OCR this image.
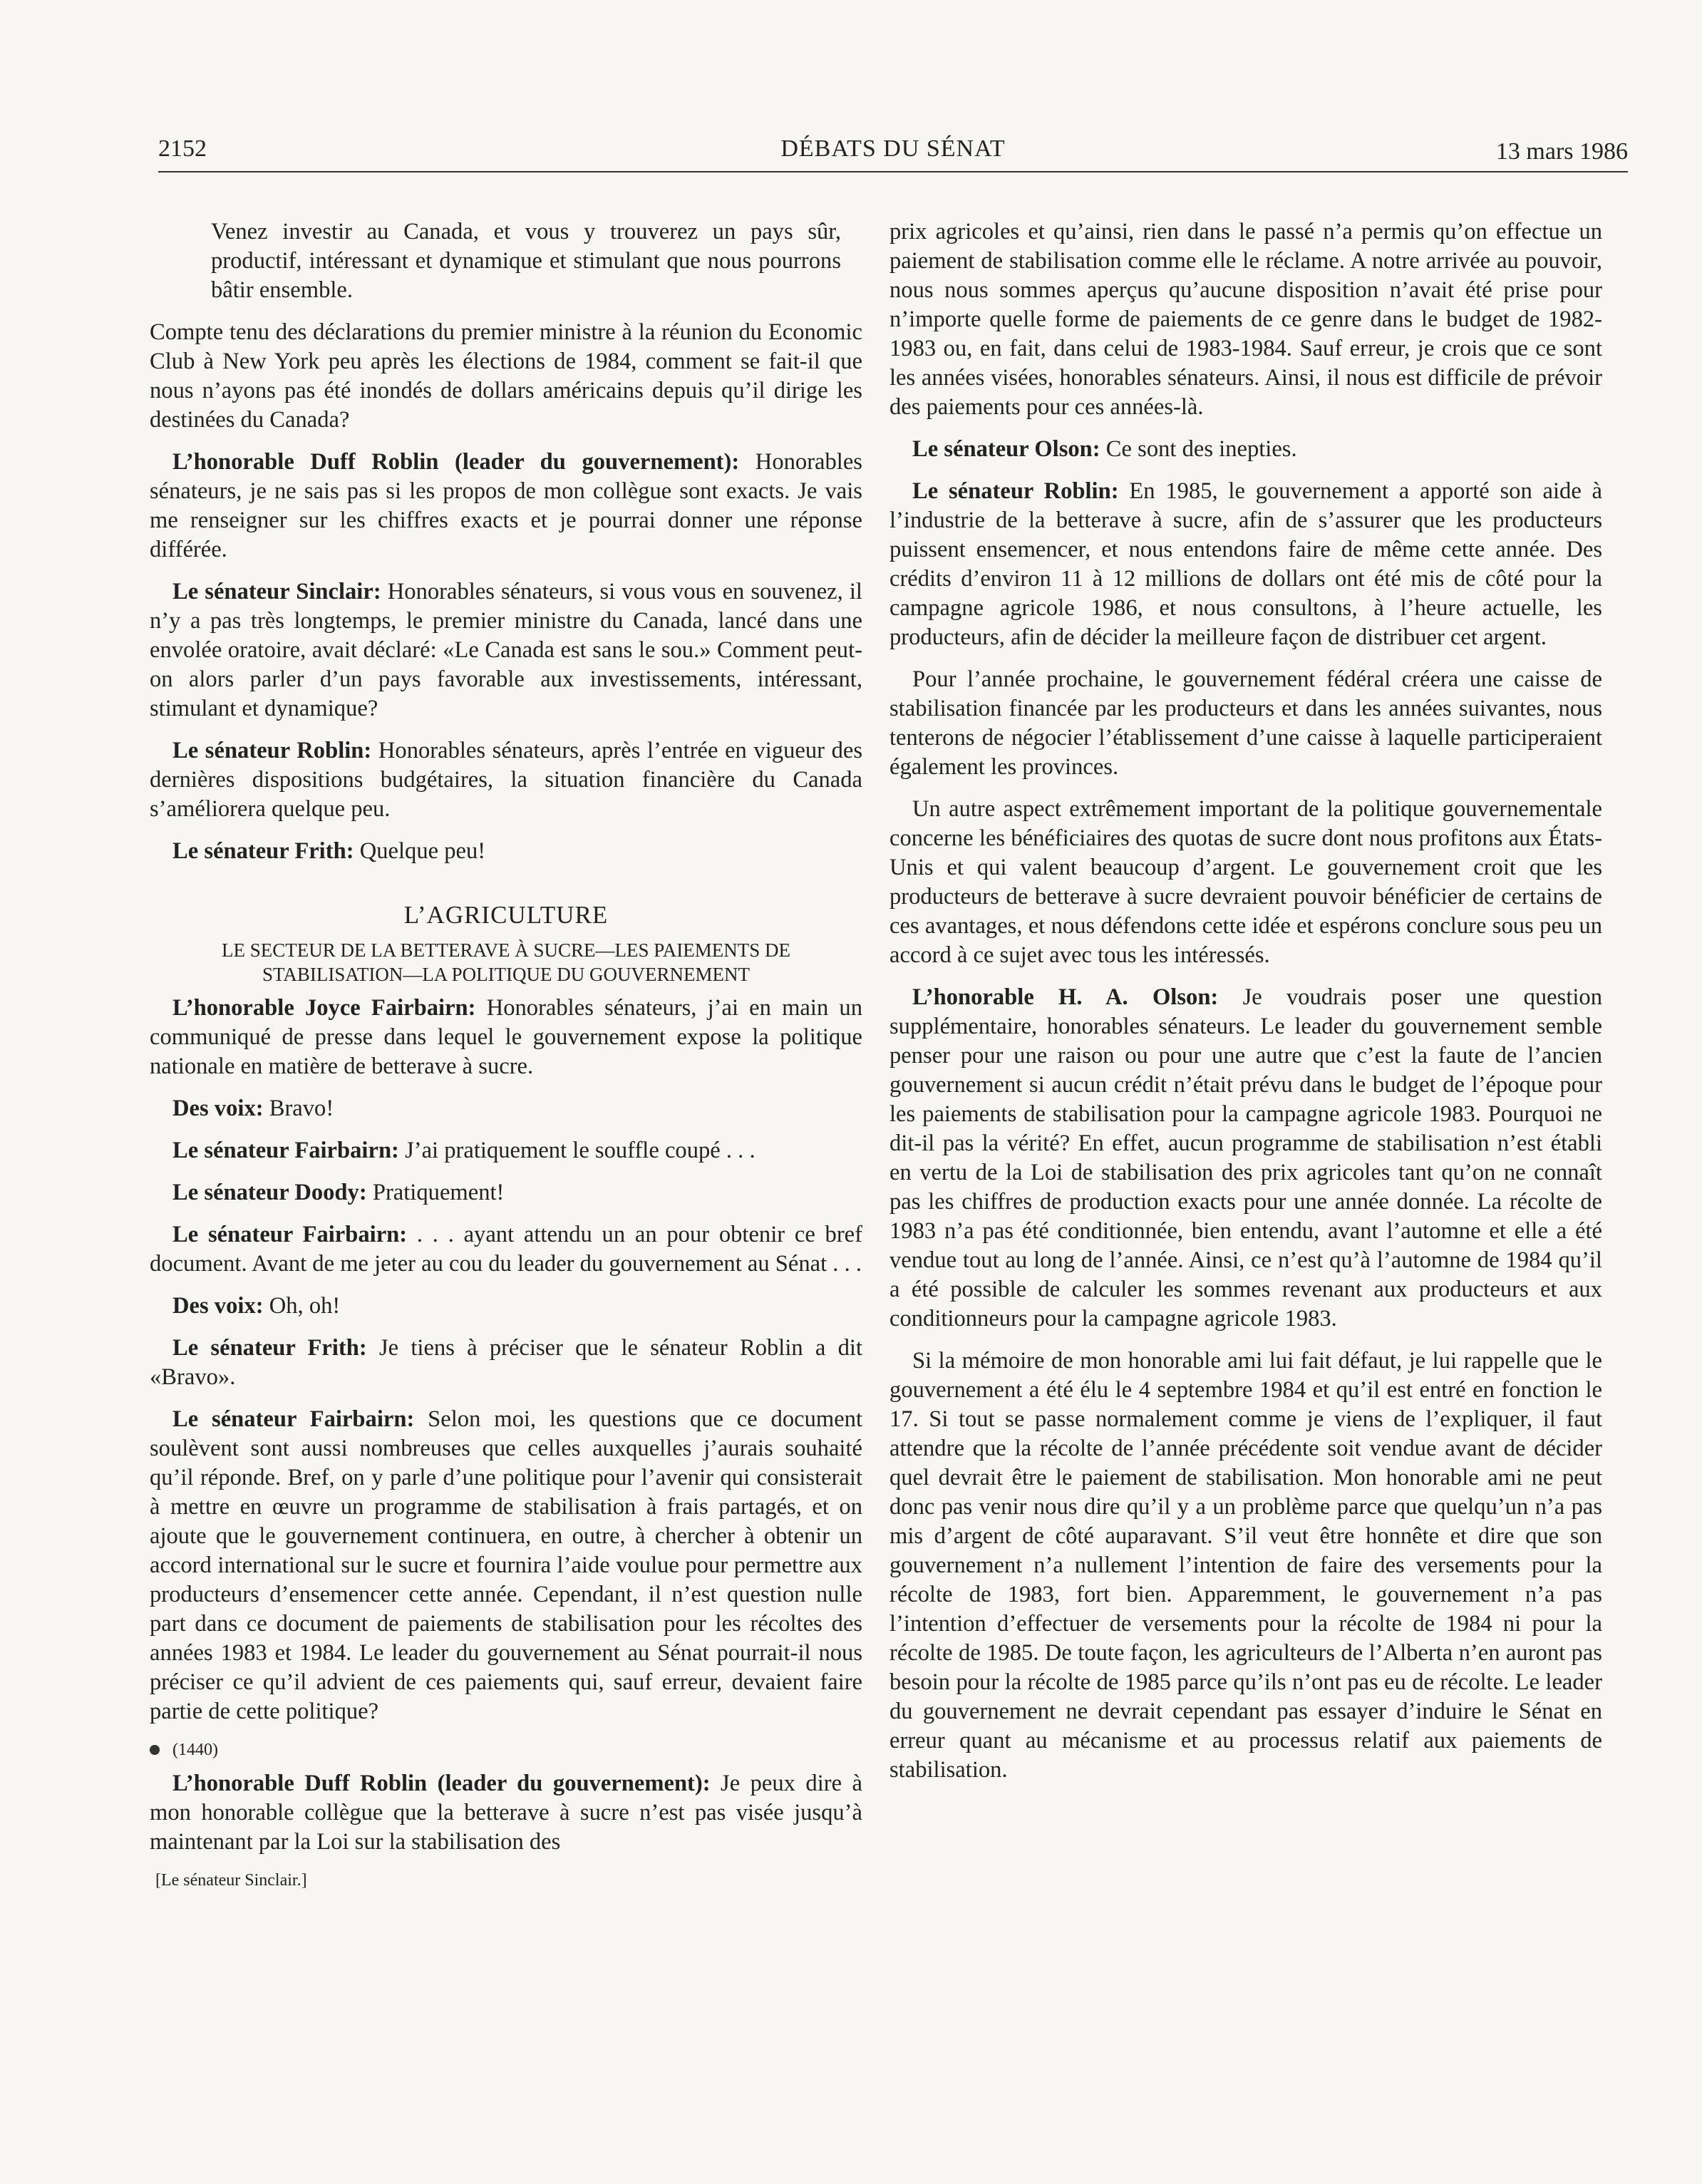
2152	DÉBATS DU SÉNAT	13 mars 1986

Venez investir au Canada, et vous y trouverez un pays sûr, productif, intéressant et dynamique et stimulant que nous pourrons bâtir ensemble.

Compte tenu des déclarations du premier ministre à la réunion du Economic Club à New York peu après les élections de 1984, comment se fait-il que nous n’ayons pas été inondés de dollars américains depuis qu’il dirige les destinées du Canada?

L’honorable Duff Roblin (leader du gouvernement): Honorables sénateurs, je ne sais pas si les propos de mon collègue sont exacts. Je vais me renseigner sur les chiffres exacts et je pourrai donner une réponse différée.

Le sénateur Sinclair: Honorables sénateurs, si vous vous en souvenez, il n’y a pas très longtemps, le premier ministre du Canada, lancé dans une envolée oratoire, avait déclaré: «Le Canada est sans le sou.» Comment peut-on alors parler d’un pays favorable aux investissements, intéressant, stimulant et dynamique?

Le sénateur Roblin: Honorables sénateurs, après l’entrée en vigueur des dernières dispositions budgétaires, la situation financière du Canada s’améliorera quelque peu.

Le sénateur Frith: Quelque peu!

L’AGRICULTURE
LE SECTEUR DE LA BETTERAVE À SUCRE—LES PAIEMENTS DE STABILISATION—LA POLITIQUE DU GOUVERNEMENT

L’honorable Joyce Fairbairn: Honorables sénateurs, j’ai en main un communiqué de presse dans lequel le gouvernement expose la politique nationale en matière de betterave à sucre.

Des voix: Bravo!

Le sénateur Fairbairn: J’ai pratiquement le souffle coupé . . .

Le sénateur Doody: Pratiquement!

Le sénateur Fairbairn: . . . ayant attendu un an pour obtenir ce bref document. Avant de me jeter au cou du leader du gouvernement au Sénat . . .

Des voix: Oh, oh!

Le sénateur Frith: Je tiens à préciser que le sénateur Roblin a dit «Bravo».

Le sénateur Fairbairn: Selon moi, les questions que ce document soulèvent sont aussi nombreuses que celles auxquelles j’aurais souhaité qu’il réponde. Bref, on y parle d’une politique pour l’avenir qui consisterait à mettre en œuvre un programme de stabilisation à frais partagés, et on ajoute que le gouvernement continuera, en outre, à chercher à obtenir un accord international sur le sucre et fournira l’aide voulue pour permettre aux producteurs d’ensemencer cette année. Cependant, il n’est question nulle part dans ce document de paiements de stabilisation pour les récoltes des années 1983 et 1984. Le leader du gouvernement au Sénat pourrait-il nous préciser ce qu’il advient de ces paiements qui, sauf erreur, devaient faire partie de cette politique?

(1440)

L’honorable Duff Roblin (leader du gouvernement): Je peux dire à mon honorable collègue que la betterave à sucre n’est pas visée jusqu’à maintenant par la Loi sur la stabilisation des

[Le sénateur Sinclair.]

prix agricoles et qu’ainsi, rien dans le passé n’a permis qu’on effectue un paiement de stabilisation comme elle le réclame. A notre arrivée au pouvoir, nous nous sommes aperçus qu’aucune disposition n’avait été prise pour n’importe quelle forme de paiements de ce genre dans le budget de 1982-1983 ou, en fait, dans celui de 1983-1984. Sauf erreur, je crois que ce sont les années visées, honorables sénateurs. Ainsi, il nous est difficile de prévoir des paiements pour ces années-là.

Le sénateur Olson: Ce sont des inepties.

Le sénateur Roblin: En 1985, le gouvernement a apporté son aide à l’industrie de la betterave à sucre, afin de s’assurer que les producteurs puissent ensemencer, et nous entendons faire de même cette année. Des crédits d’environ 11 à 12 millions de dollars ont été mis de côté pour la campagne agricole 1986, et nous consultons, à l’heure actuelle, les producteurs, afin de décider la meilleure façon de distribuer cet argent.

Pour l’année prochaine, le gouvernement fédéral créera une caisse de stabilisation financée par les producteurs et dans les années suivantes, nous tenterons de négocier l’établissement d’une caisse à laquelle participeraient également les provinces.

Un autre aspect extrêmement important de la politique gouvernementale concerne les bénéficiaires des quotas de sucre dont nous profitons aux États-Unis et qui valent beaucoup d’argent. Le gouvernement croit que les producteurs de betterave à sucre devraient pouvoir bénéficier de certains de ces avantages, et nous défendons cette idée et espérons conclure sous peu un accord à ce sujet avec tous les intéressés.

L’honorable H. A. Olson: Je voudrais poser une question supplémentaire, honorables sénateurs. Le leader du gouvernement semble penser pour une raison ou pour une autre que c’est la faute de l’ancien gouvernement si aucun crédit n’était prévu dans le budget de l’époque pour les paiements de stabilisation pour la campagne agricole 1983. Pourquoi ne dit-il pas la vérité? En effet, aucun programme de stabilisation n’est établi en vertu de la Loi de stabilisation des prix agricoles tant qu’on ne connaît pas les chiffres de production exacts pour une année donnée. La récolte de 1983 n’a pas été conditionnée, bien entendu, avant l’automne et elle a été vendue tout au long de l’année. Ainsi, ce n’est qu’à l’automne de 1984 qu’il a été possible de calculer les sommes revenant aux producteurs et aux conditionneurs pour la campagne agricole 1983.

Si la mémoire de mon honorable ami lui fait défaut, je lui rappelle que le gouvernement a été élu le 4 septembre 1984 et qu’il est entré en fonction le 17. Si tout se passe normalement comme je viens de l’expliquer, il faut attendre que la récolte de l’année précédente soit vendue avant de décider quel devrait être le paiement de stabilisation. Mon honorable ami ne peut donc pas venir nous dire qu’il y a un problème parce que quelqu’un n’a pas mis d’argent de côté auparavant. S’il veut être honnête et dire que son gouvernement n’a nullement l’intention de faire des versements pour la récolte de 1983, fort bien. Apparemment, le gouvernement n’a pas l’intention d’effectuer de versements pour la récolte de 1984 ni pour la récolte de 1985. De toute façon, les agriculteurs de l’Alberta n’en auront pas besoin pour la récolte de 1985 parce qu’ils n’ont pas eu de récolte. Le leader du gouvernement ne devrait cependant pas essayer d’induire le Sénat en erreur quant au mécanisme et au processus relatif aux paiements de stabilisation.
